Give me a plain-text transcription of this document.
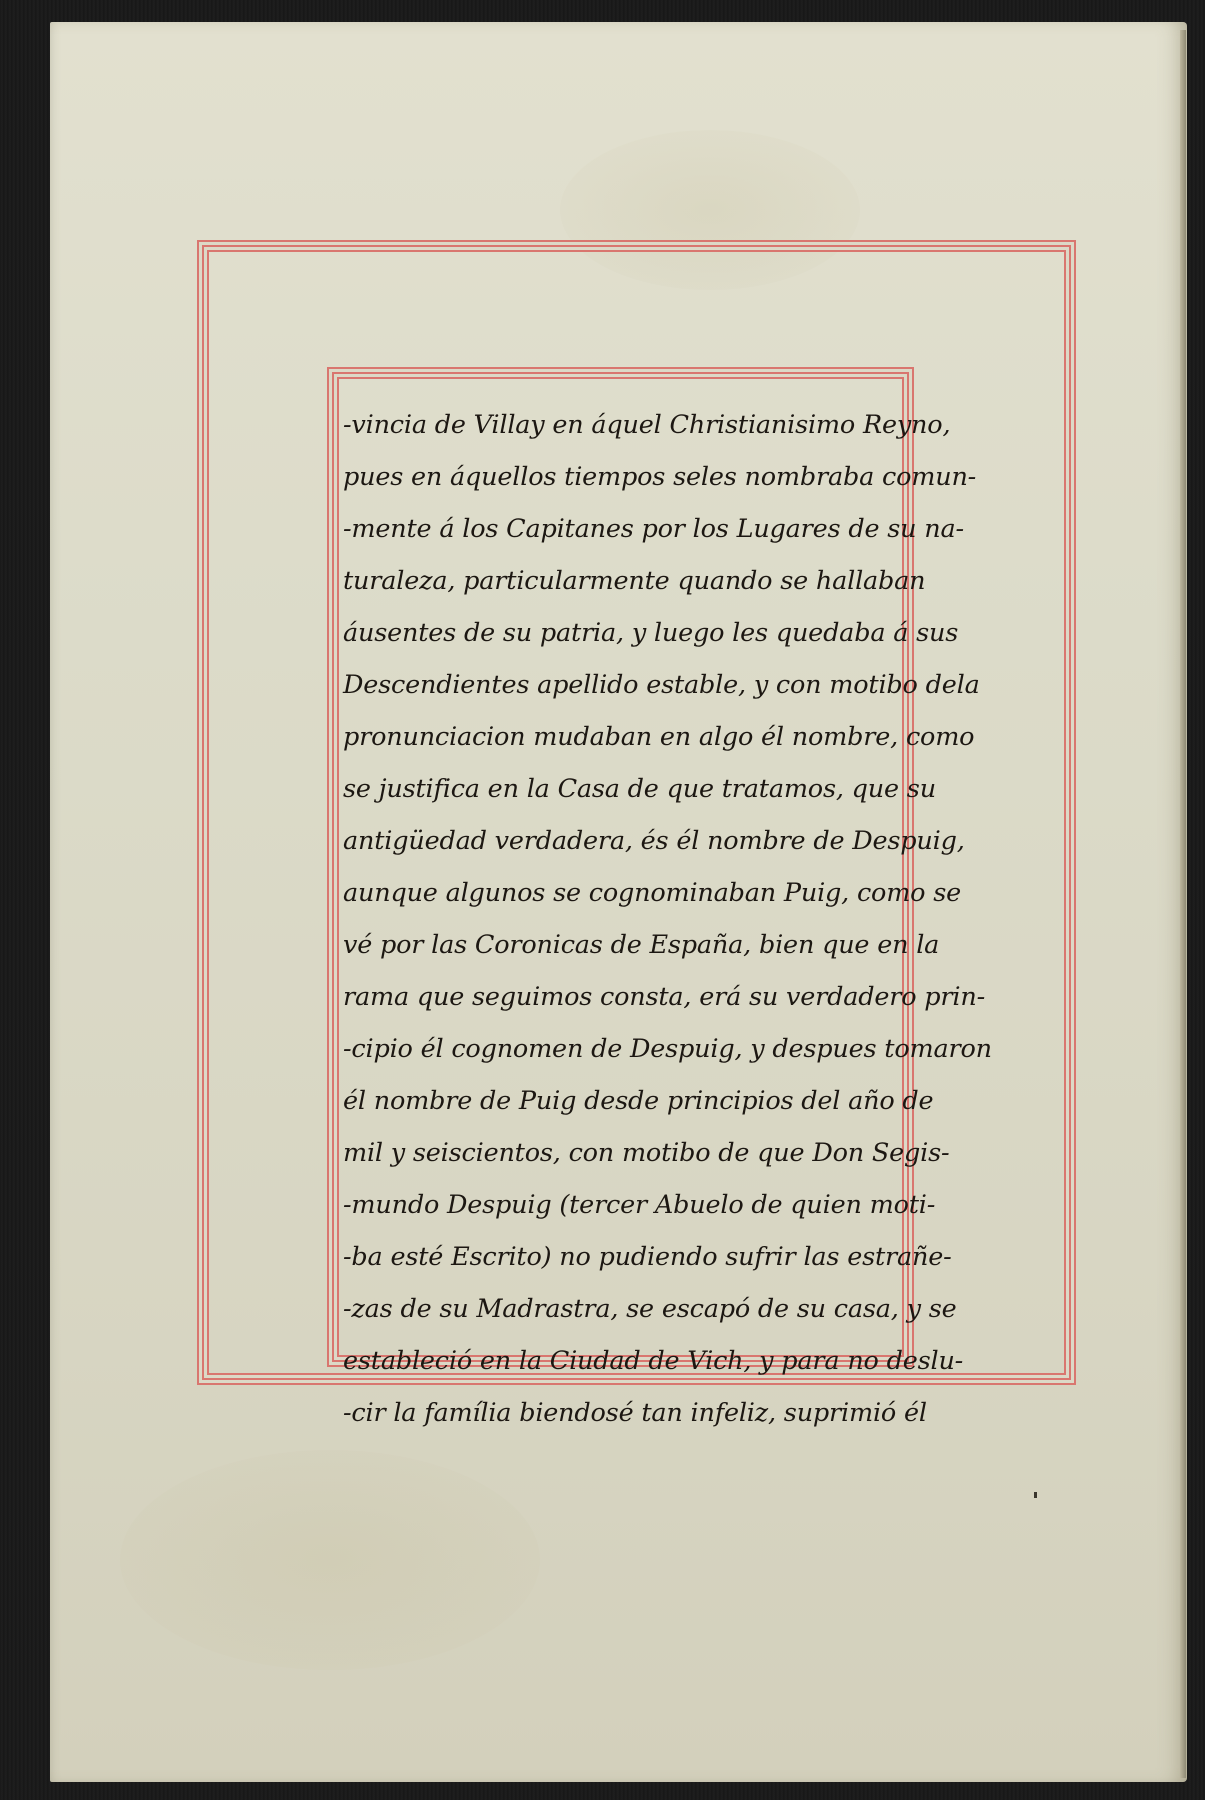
-vincia de Villay en áquel Christianisimo Reyno,
pues en áquellos tiempos seles nombraba comun-
-mente á los Capitanes por los Lugares de su na-
turaleza, particularmente quando se hallaban
áusentes de su patria, y luego les quedaba á sus
Descendientes apellido estable, y con motibo dela
pronunciacion mudaban en algo él nombre, como
se justifica en la Casa de que tratamos, que su
antigüedad verdadera, és él nombre de Despuig,
aunque algunos se cognominaban Puig, como se
vé por las Coronicas de España, bien que en la
rama que seguimos consta, erá su verdadero prin-
-cipio él cognomen de Despuig, y despues tomaron
él nombre de Puig desde principios del año de
mil y seiscientos, con motibo de que Don Segis-
-mundo Despuig (tercer Abuelo de quien moti-
-ba esté Escrito) no pudiendo sufrir las estrañe-
-zas de su Madrastra, se escapó de su casa, y se
estableció en la Ciudad de Vich, y para no deslu-
-cir la família biendosé tan infeliz, suprimió él
